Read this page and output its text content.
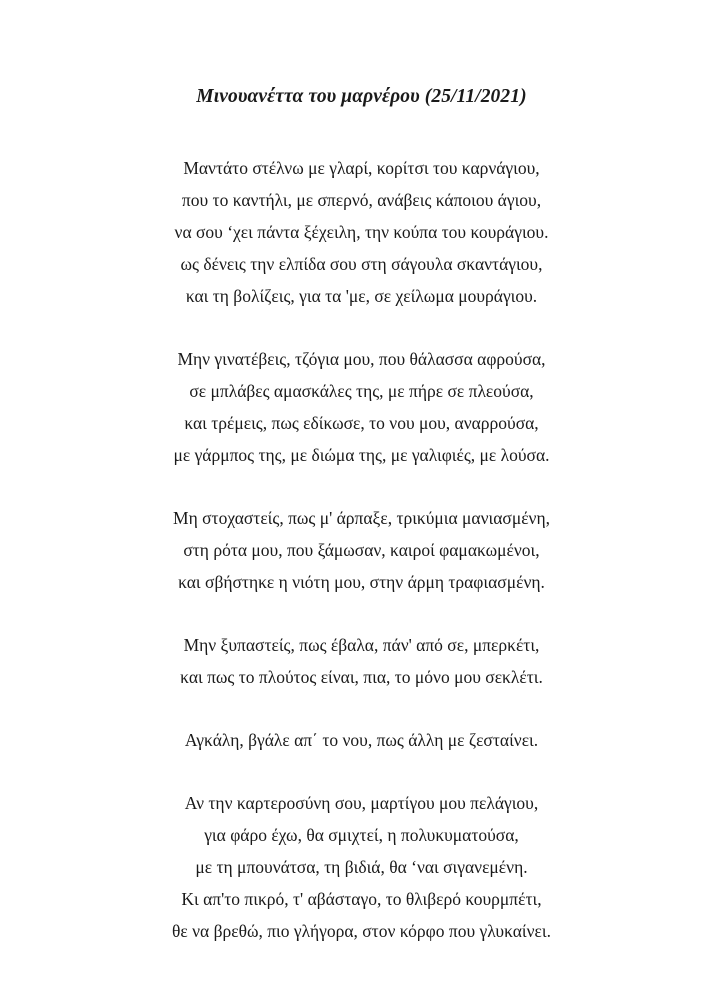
Μινουανέττα του μαρνέρου (25/11/2021)
Μαντάτο στέλνω με γλαρί, κορίτσι του καρνάγιου,
που το καντήλι, με σπερνό, ανάβεις κάποιου άγιου,
να σου ‘χει πάντα ξέχειλη, την κούπα του κουράγιου.
ως δένεις την ελπίδα σου στη σάγουλα σκαντάγιου,
και τη βολίζεις, για τα 'με, σε χείλωμα μουράγιου.
Μην γινατέβεις, τζόγια μου, που θάλασσα αφρούσα,
σε μπλάβες αμασκάλες της, με πήρε σε πλεούσα,
και τρέμεις, πως εδίκωσε, το νου μου, αναρρούσα,
με γάρμπος της, με διώμα της, με γαλιφιές, με λούσα.
Μη στοχαστείς, πως μ' άρπαξε, τρικύμια μανιασμένη,
στη ρότα μου, που ξάμωσαν, καιροί φαμακωμένοι,
και σβήστηκε η νιότη μου, στην άρμη τραφιασμένη.
Μην ξυπαστείς, πως έβαλα, πάν' από σε, μπερκέτι,
και πως το πλούτος είναι, πια, το μόνο μου σεκλέτι.
Αγκάλη, βγάλε απ΄ το νου, πως άλλη με ζεσταίνει.
Αν την καρτεροσύνη σου, μαρτίγου μου πελάγιου,
για φάρο έχω, θα σμιχτεί, η πολυκυματούσα,
με τη μπουνάτσα, τη βιδιά, θα ‘ναι σιγανεμένη.
Κι απ'το πικρό, τ' αβάσταγο, το θλιβερό κουρμπέτι,
θε να βρεθώ, πιο γλήγορα, στον κόρφο που γλυκαίνει.
